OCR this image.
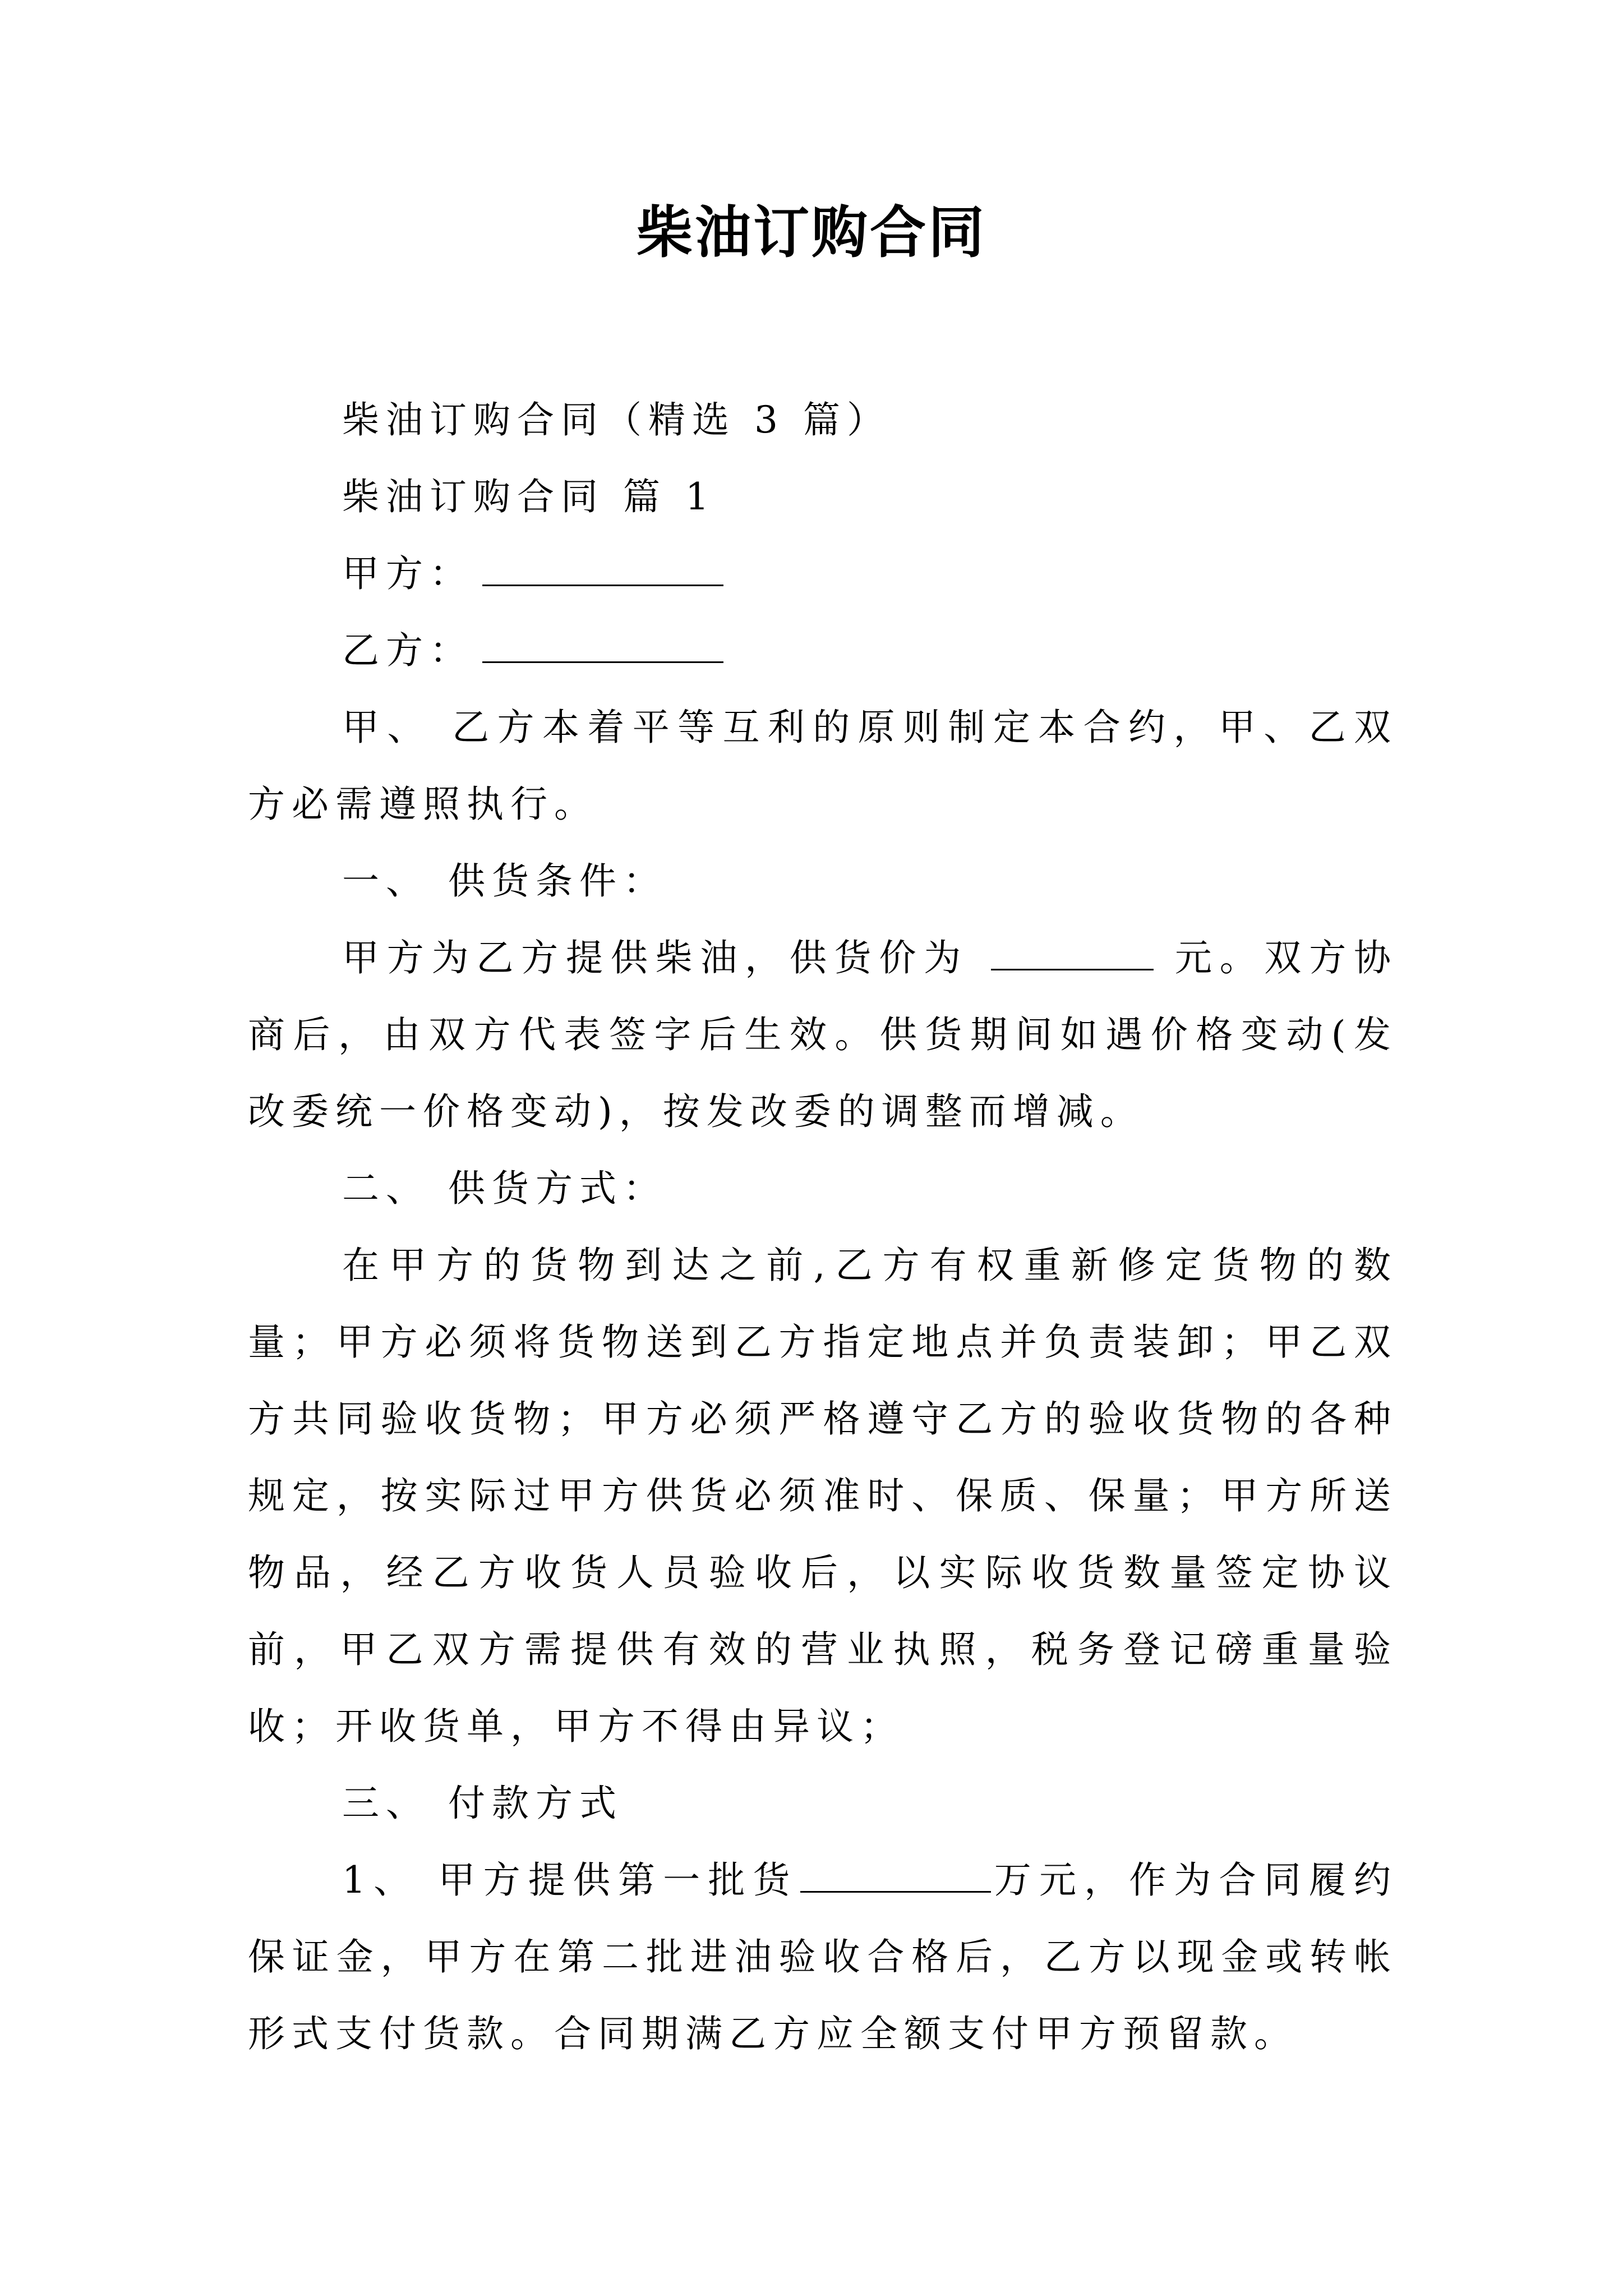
柴油订购合同

柴油订购合同（精选 3 篇）

柴油订购合同 篇 1

甲方：

乙方：

甲、 乙方本着平等互利的原则制定本合约，甲、乙双方必需遵照执行。

一、 供货条件：

甲方为乙方提供柴油，供货价为	元。双方协商后，由双方代表签字后生效。供货期间如遇价格变动(发改委统一价格变动)，按发改委的调整而增减。

二、 供货方式：

在甲方的货物到达之前,乙方有权重新修定货物的数量；甲方必须将货物送到乙方指定地点并负责装卸；甲乙双方共同验收货物；甲方必须严格遵守乙方的验收货物的各种规定，按实际过甲方供货必须准时、保质、保量；甲方所送物品，经乙方收货人员验收后，以实际收货数量签定协议前，甲乙双方需提供有效的营业执照，税务登记磅重量验收；开收货单，甲方不得由异议；

三、 付款方式

1、 甲方提供第一批货	万元，作为合同履约保证金，甲方在第二批进油验收合格后，乙方以现金或转帐形式支付货款。合同期满乙方应全额支付甲方预留款。
